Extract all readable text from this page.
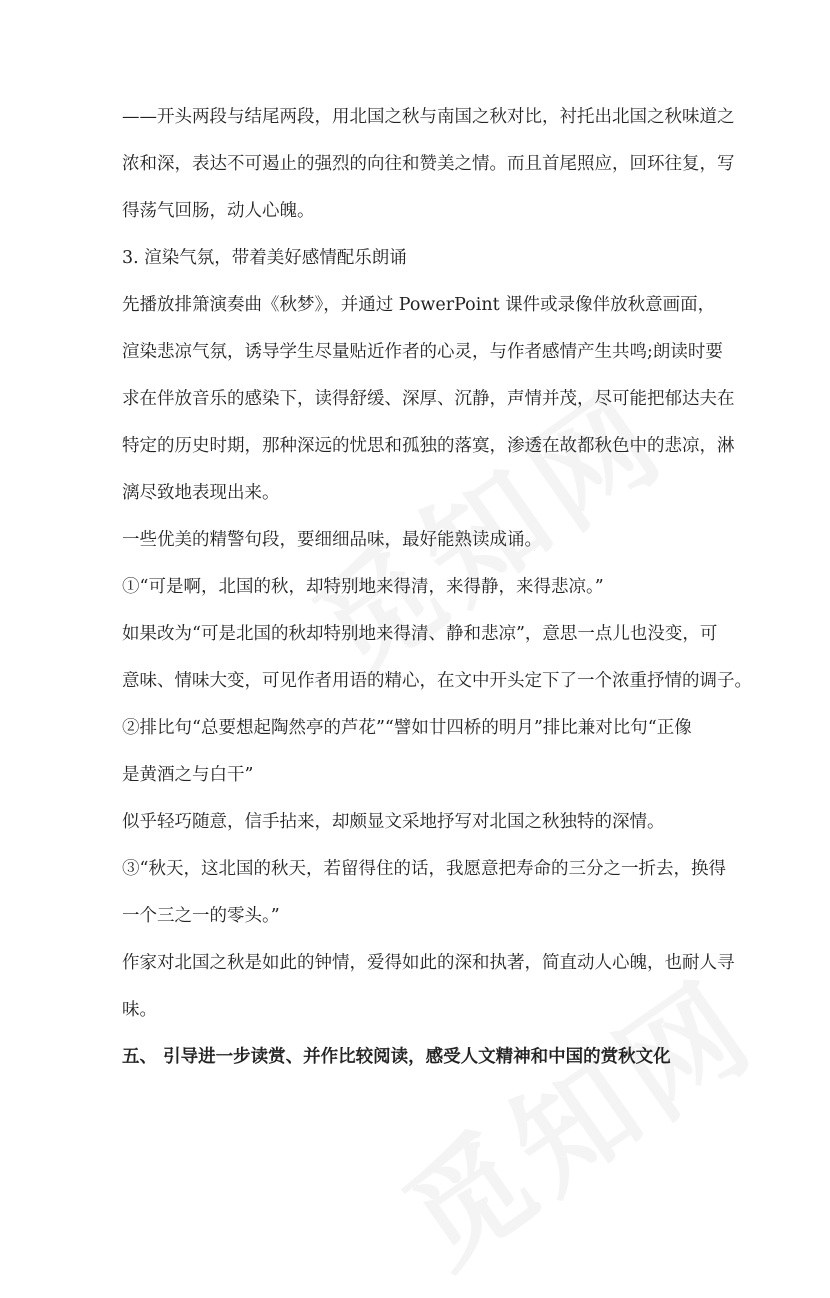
——开头两段与结尾两段，用北国之秋与南国之秋对比，衬托出北国之秋味道之

浓和深，表达不可遏止的强烈的向往和赞美之情。而且首尾照应，回环往复，写

得荡气回肠，动人心魄。

3. 渲染气氛，带着美好感情配乐朗诵

先播放排箫演奏曲《秋梦》，并通过 PowerPoint 课件或录像伴放秋意画面，

渲染悲凉气氛，诱导学生尽量贴近作者的心灵，与作者感情产生共鸣;朗读时要

求在伴放音乐的感染下，读得舒缓、深厚、沉静，声情并茂，尽可能把郁达夫在

特定的历史时期，那种深远的忧思和孤独的落寞，渗透在故都秋色中的悲凉，淋

漓尽致地表现出来。

一些优美的精警句段，要细细品味，最好能熟读成诵。

①“可是啊，北国的秋，却特别地来得清，来得静，来得悲凉。”

如果改为“可是北国的秋却特别地来得清、静和悲凉”，意思一点儿也没变，可

意味、情味大变，可见作者用语的精心，在文中开头定下了一个浓重抒情的调子。

②排比句“总要想起陶然亭的芦花”“譬如廿四桥的明月”排比兼对比句“正像

是黄酒之与白干”

似乎轻巧随意，信手拈来，却颇显文采地抒写对北国之秋独特的深情。

③“秋天，这北国的秋天，若留得住的话，我愿意把寿命的三分之一折去，换得

一个三之一的零头。”

作家对北国之秋是如此的钟情，爱得如此的深和执著，简直动人心魄，也耐人寻

味。

五、 引导进一步读赏、并作比较阅读，感受人文精神和中国的赏秋文化
